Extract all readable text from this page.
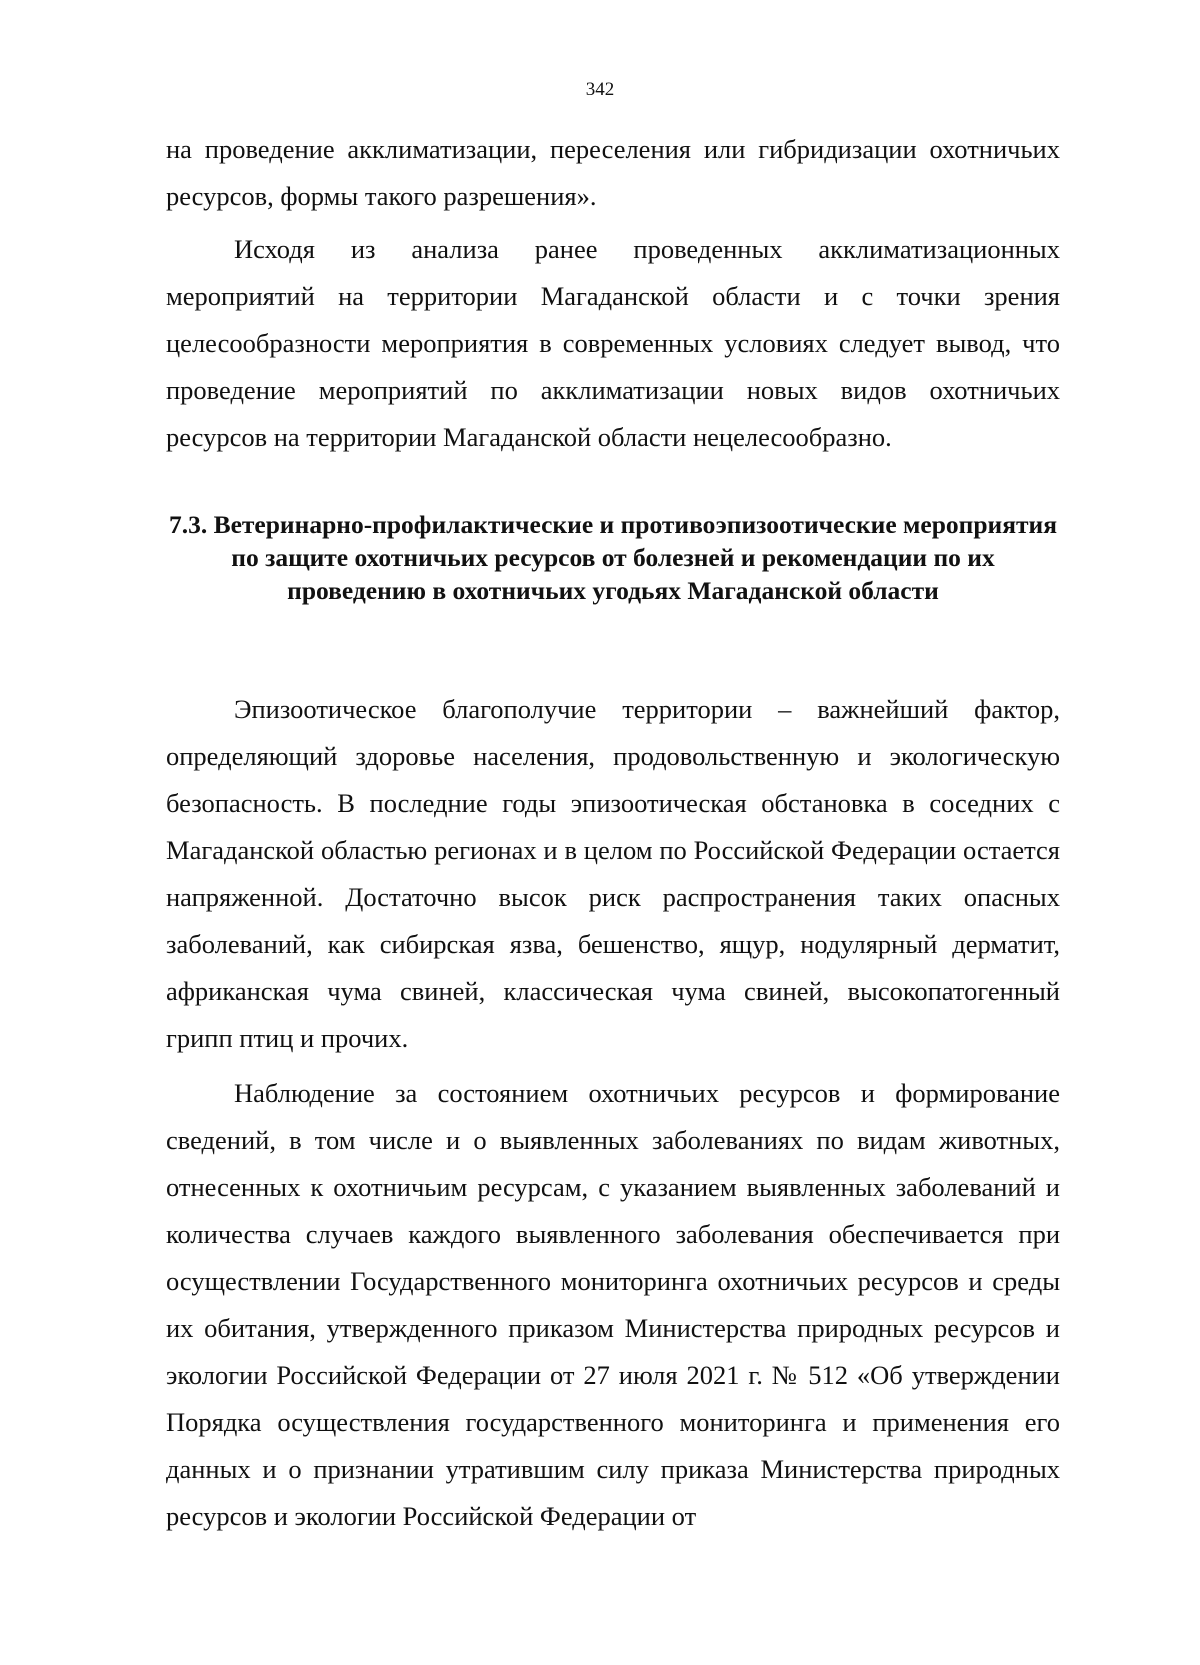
342

на проведение акклиматизации, переселения или гибридизации охотничьих ресурсов, формы такого разрешения».

Исходя из анализа ранее проведенных акклиматизационных мероприятий на территории Магаданской области и с точки зрения целесообразности мероприятия в современных условиях следует вывод, что проведение мероприятий по акклиматизации новых видов охотничьих ресурсов на территории Магаданской области нецелесообразно.

7.3. Ветеринарно-профилактические и противоэпизоотические мероприятия по защите охотничьих ресурсов от болезней и рекомендации по их проведению в охотничьих угодьях Магаданской области

Эпизоотическое благополучие территории – важнейший фактор, определяющий здоровье населения, продовольственную и экологическую безопасность. В последние годы эпизоотическая обстановка в соседних с Магаданской областью регионах и в целом по Российской Федерации остается напряженной. Достаточно высок риск распространения таких опасных заболеваний, как сибирская язва, бешенство, ящур, нодулярный дерматит, африканская чума свиней, классическая чума свиней, высокопатогенный грипп птиц и прочих.

Наблюдение за состоянием охотничьих ресурсов и формирование сведений, в том числе и о выявленных заболеваниях по видам животных, отнесенных к охотничьим ресурсам, с указанием выявленных заболеваний и количества случаев каждого выявленного заболевания обеспечивается при осуществлении Государственного мониторинга охотничьих ресурсов и среды их обитания, утвержденного приказом Министерства природных ресурсов и экологии Российской Федерации от 27 июля 2021 г. № 512 «Об утверждении Порядка осуществления государственного мониторинга и применения его данных и о признании утратившим силу приказа Министерства природных ресурсов и экологии Российской Федерации от
